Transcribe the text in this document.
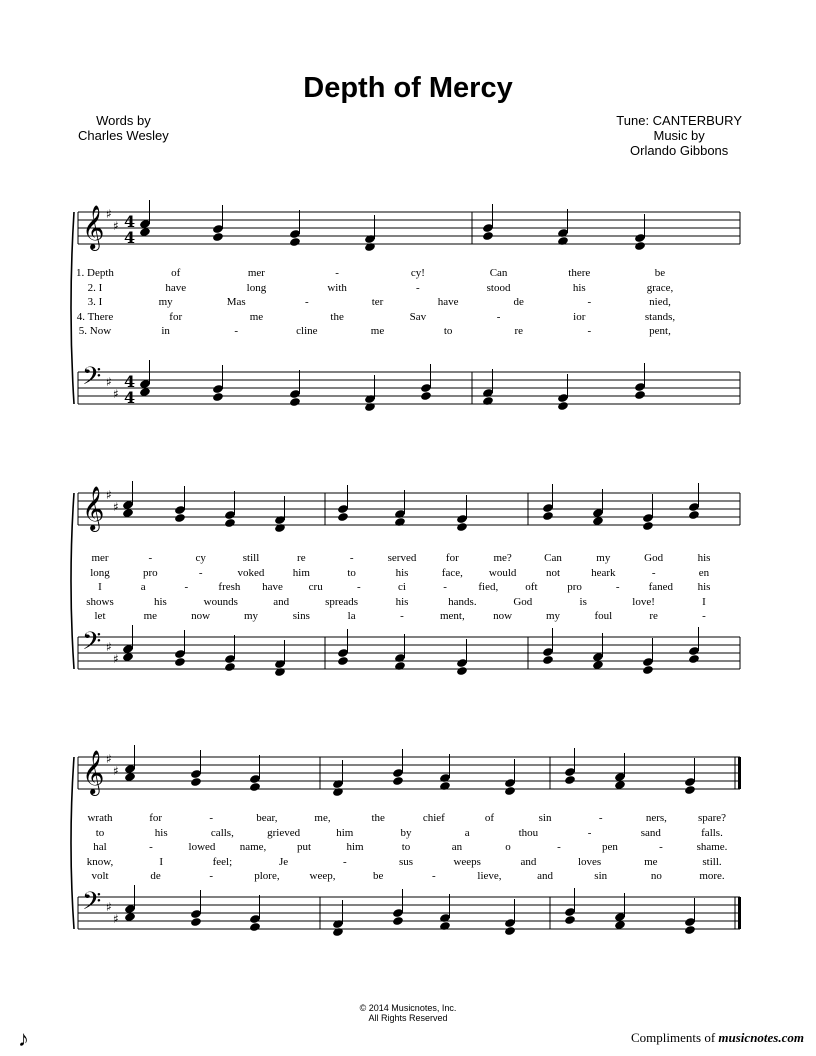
Depth of Mercy
Words by
Charles Wesley
Tune: CANTERBURY
Music by
Orlando Gibbons
𝄞 ♯
♯ 4
4
𝄢 ♯
♯
4
4
𝄞 ♯
♯
𝄢 ♯
♯
𝄞 ♯
♯
𝄢 ♯
♯
1. Depth	of	mer	-	cy!	Can	there	be
2. I	have	long	with	-	stood	his	grace,
3. I	my	Mas	-	ter	have	de	-	nied,
4. There	for	me	the	Sav	-	ior	stands,
5. Now	in	-	cline	me	to	re	-	pent,
mer	-	cy	still	re	-	served	for	me?	Can	my	God	his
long	pro	-	voked	him	to	his	face, would	not	heark	-	en
I	a	-	fresh have cru	-	ci	-	fied, oft	pro	-	faned his
shows	his	wounds	and	spreads	his	hands.	God	is	love!	I
let	me	now	my	sins	la	-	ment,	now	my	foul	re	-
wrath	for	-	bear,	me,	the	chief	of	sin	-	ners,	spare?
to	his	calls,	grieved	him	by	a	thou	-	sand	falls.
hal	-	lowed name,	put	him	to	an	o	-	pen	-	shame.
know,	I	feel;	Je	-	sus	weeps	and	loves	me	still.
volt	de	-	plore,	weep,	be	-	lieve,	and	sin	no	more.
© 2014 Musicnotes, Inc.
All Rights Reserved
Compliments of musicnotes.com
♪
